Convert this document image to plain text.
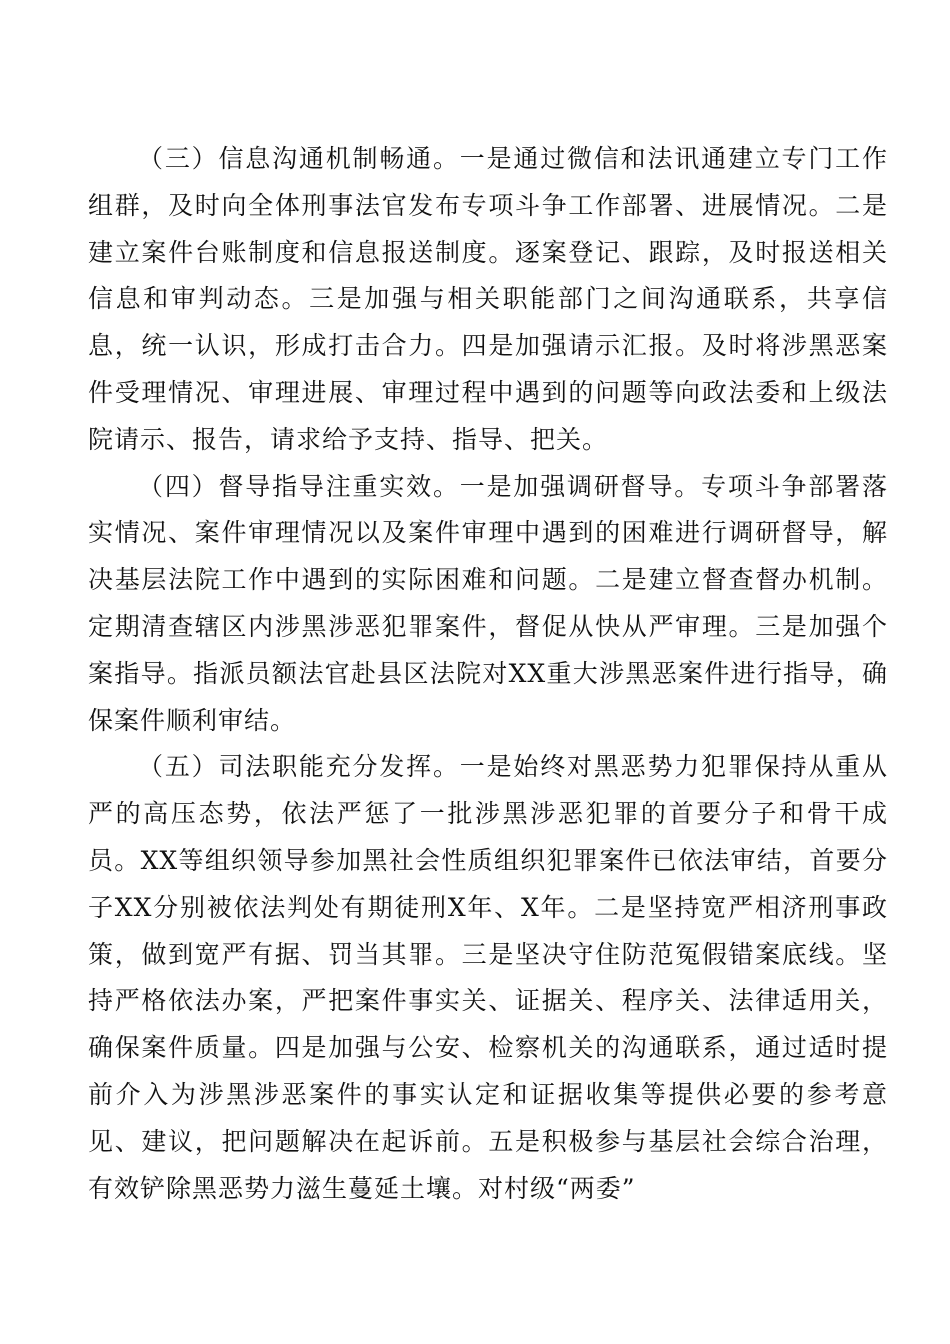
（三）信息沟通机制畅通。一是通过微信和法讯通建立专门工作组群，及时向全体刑事法官发布专项斗争工作部署、进展情况。二是建立案件台账制度和信息报送制度。逐案登记、跟踪，及时报送相关信息和审判动态。三是加强与相关职能部门之间沟通联系，共享信息，统一认识，形成打击合力。四是加强请示汇报。及时将涉黑恶案件受理情况、审理进展、审理过程中遇到的问题等向政法委和上级法院请示、报告，请求给予支持、指导、把关。

（四）督导指导注重实效。一是加强调研督导。专项斗争部署落实情况、案件审理情况以及案件审理中遇到的困难进行调研督导，解决基层法院工作中遇到的实际困难和问题。二是建立督查督办机制。定期清查辖区内涉黑涉恶犯罪案件，督促从快从严审理。三是加强个案指导。指派员额法官赴县区法院对XX重大涉黑恶案件进行指导，确保案件顺利审结。

（五）司法职能充分发挥。一是始终对黑恶势力犯罪保持从重从严的高压态势，依法严惩了一批涉黑涉恶犯罪的首要分子和骨干成员。XX等组织领导参加黑社会性质组织犯罪案件已依法审结，首要分子XX分别被依法判处有期徒刑X年、X年。二是坚持宽严相济刑事政策，做到宽严有据、罚当其罪。三是坚决守住防范冤假错案底线。坚持严格依法办案，严把案件事实关、证据关、程序关、法律适用关，确保案件质量。四是加强与公安、检察机关的沟通联系，通过适时提前介入为涉黑涉恶案件的事实认定和证据收集等提供必要的参考意见、建议，把问题解决在起诉前。五是积极参与基层社会综合治理，有效铲除黑恶势力滋生蔓延土壤。对村级“两委”
